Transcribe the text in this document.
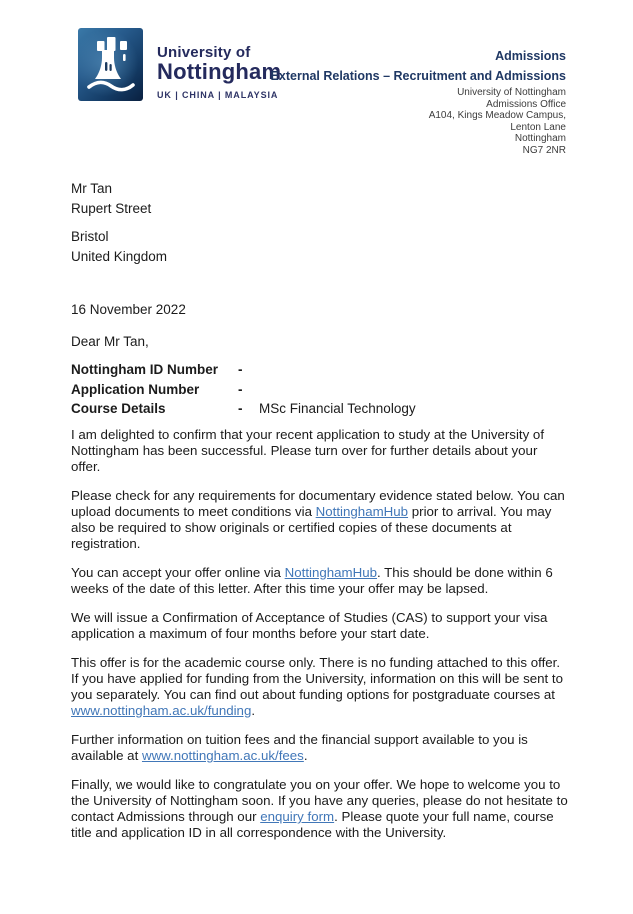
University of
Nottingham
UK | CHINA | MALAYSIA
Admissions
External Relations – Recruitment and Admissions
University of Nottingham
Admissions Office
A104, Kings Meadow Campus,
Lenton Lane
Nottingham
NG7 2NR
Mr Tan
Rupert Street
Bristol
United Kingdom
16 November 2022
Dear Mr Tan,
Nottingham ID Number -
Application Number	-
Course Details	- MSc Financial Technology

I am delighted to confirm that your recent application to study at the University of Nottingham has been successful. Please turn over for further details about your offer.

Please check for any requirements for documentary evidence stated below. You can upload documents to meet conditions via NottinghamHub prior to arrival. You may also be required to show originals or certified copies of these documents at registration.

You can accept your offer online via NottinghamHub. This should be done within 6 weeks of the date of this letter. After this time your offer may be lapsed.

We will issue a Confirmation of Acceptance of Studies (CAS) to support your visa application a maximum of four months before your start date.

This offer is for the academic course only. There is no funding attached to this offer. If you have applied for funding from the University, information on this will be sent to you separately. You can find out about funding options for postgraduate courses at www.nottingham.ac.uk/funding.

Further information on tuition fees and the financial support available to you is available at www.nottingham.ac.uk/fees.

Finally, we would like to congratulate you on your offer. We hope to welcome you to the University of Nottingham soon. If you have any queries, please do not hesitate to contact Admissions through our enquiry form. Please quote your full name, course title and application ID in all correspondence with the University.
